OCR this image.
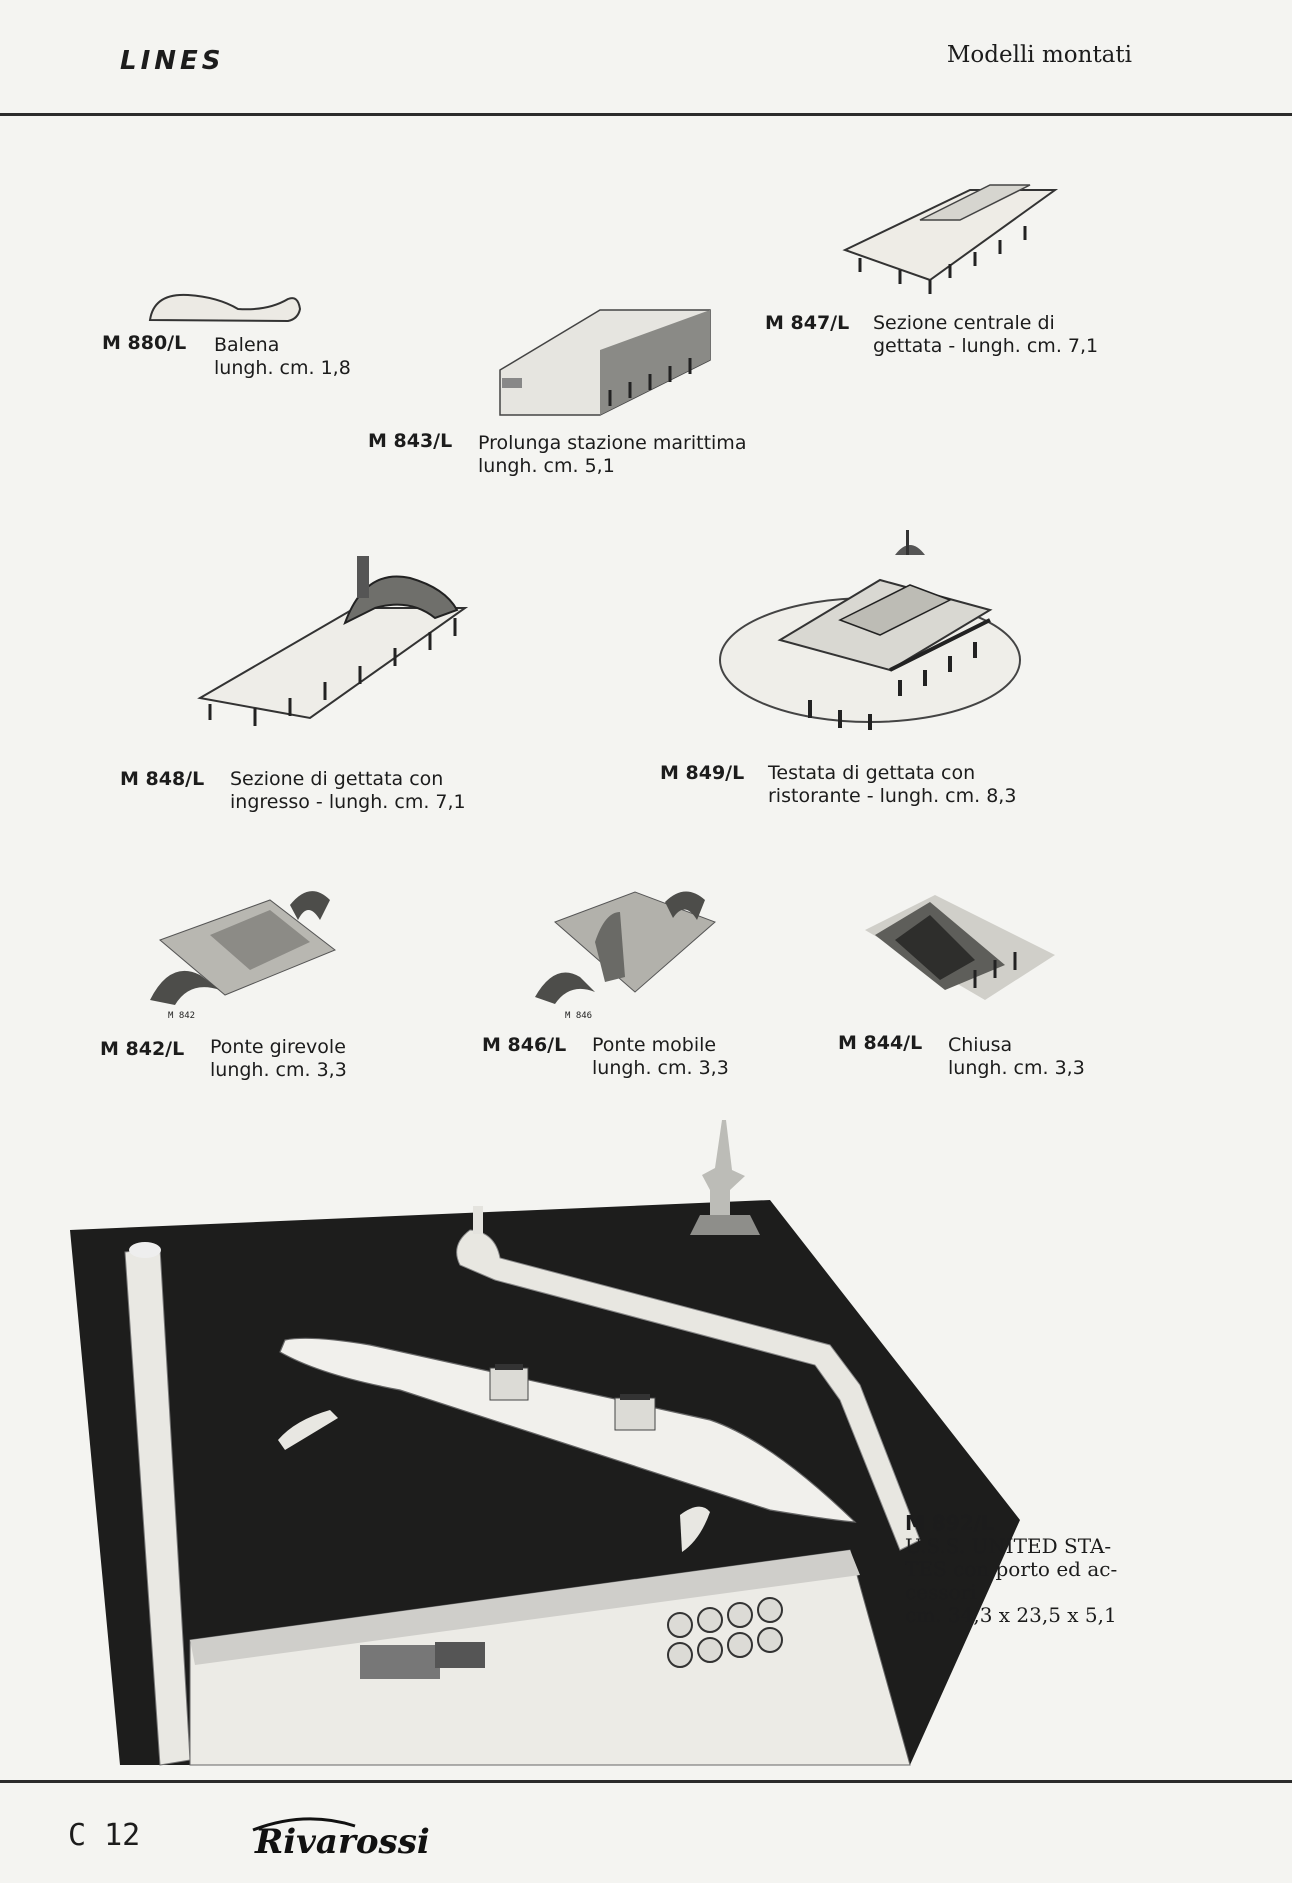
LINES	Modelli montati
M 842	M 846
M 880/L Balena
lungh. cm. 1,8
M 843/L Prolunga stazione marittima
lungh. cm. 5,1
M 847/L Sezione centrale di
gettata - lungh. cm. 7,1
M 848/L Sezione di gettata con
ingresso - lungh. cm. 7,1
M 849/L Testata di gettata con
ristorante - lungh. cm. 8,3
M 842/L Ponte girevole
lungh. cm. 3,3
M 846/L Ponte mobile
lungh. cm. 3,3
M 844/L Chiusa
lungh. cm. 3,3
M 892/L
U.S.S. UNITED STA-
TES con porto ed ac-
cessori
cm. 34,3 x 23,5 x 5,1
C 12	Rivarossi
